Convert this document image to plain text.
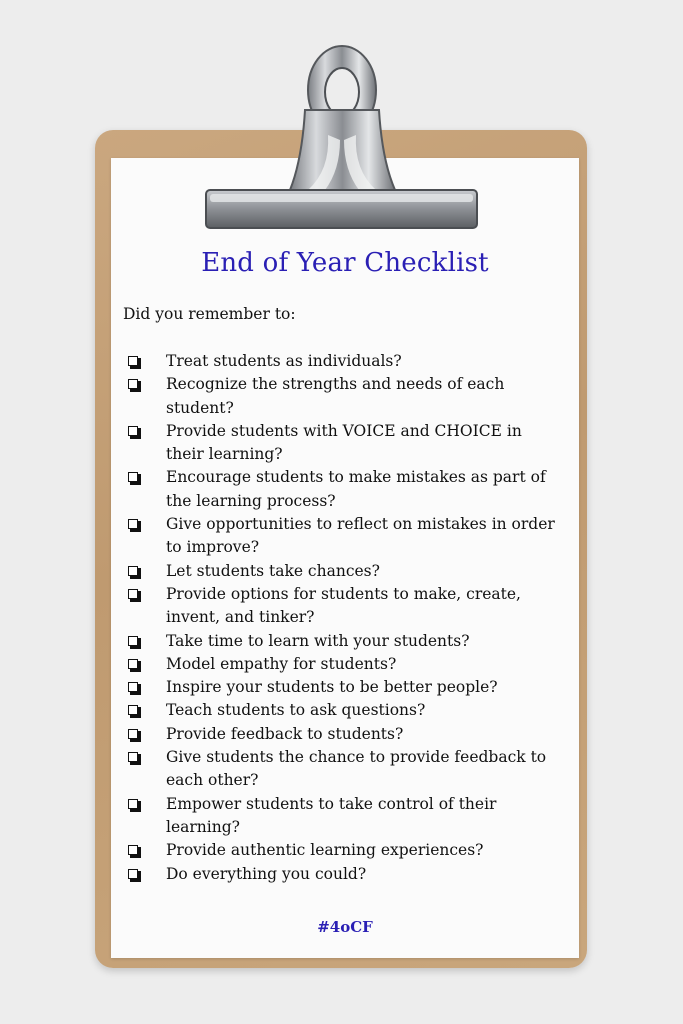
End of Year Checklist
Did you remember to:
Treat students as individuals?
Recognize the strengths and needs of each student?
Provide students with VOICE and CHOICE in their learning?
Encourage students to make mistakes as part of the learning process?
Give opportunities to reflect on mistakes in order to improve?
Let students take chances?
Provide options for students to make, create, invent, and tinker?
Take time to learn with your students?
Model empathy for students?
Inspire your students to be better people?
Teach students to ask questions?
Provide feedback to students?
Give students the chance to provide feedback to each other?
Empower students to take control of their learning?
Provide authentic learning experiences?
Do everything you could?
#4oCF
